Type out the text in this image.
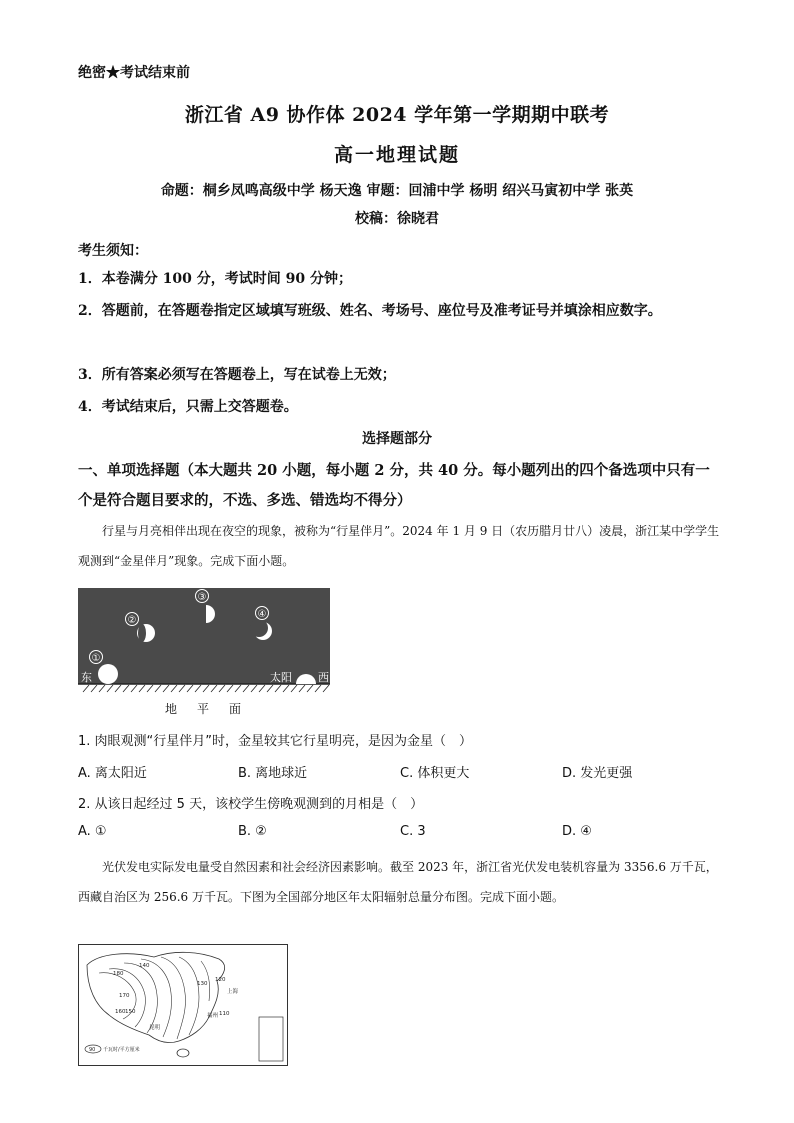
绝密★考试结束前
浙江省 A9 协作体 2024 学年第一学期期中联考
高一地理试题
命题：桐乡凤鸣高级中学 杨天逸 审题：回浦中学 杨明 绍兴马寅初中学 张英
校稿：徐晓君
考生须知：
1．本卷满分 100 分，考试时间 90 分钟；
2．答题前，在答题卷指定区域填写班级、姓名、考场号、座位号及准考证号并填涂相应数字。
3．所有答案必须写在答题卷上，写在试卷上无效；
4．考试结束后，只需上交答题卷。
选择题部分
一、单项选择题（本大题共 20 小题，每小题 2 分，共 40 分。每小题列出的四个备选项中只有一个是符合题目要求的，不选、多选、错选均不得分）
行星与月亮相伴出现在夜空的现象，被称为“行星伴月”。2024 年 1 月 9 日（农历腊月廿八）凌晨，浙江某中学学生观测到“金星伴月”现象。完成下面小题。
①
②
③
④
东	太阳 西
地平面
1. 肉眼观测“行星伴月”时，金星较其它行星明亮，是因为金星（　）
A. 离太阳近	B. 离地球近	C. 体积更大	D. 发光更强
2. 从该日起经过 5 天，该校学生傍晚观测到的月相是（　）
A. ①	B. ②	C. 3	D. ④
光伏发电实际发电量受自然因素和社会经济因素影响。截至 2023 年，浙江省光伏发电装机容量为 3356.6 万千瓦，西藏自治区为 256.6 万千瓦。下图为全国部分地区年太阳辐射总量分布图。完成下面小题。
180
170
160 150
130
120
110
140
上海
福州
昆明
90 千瓦时/平方厘米
